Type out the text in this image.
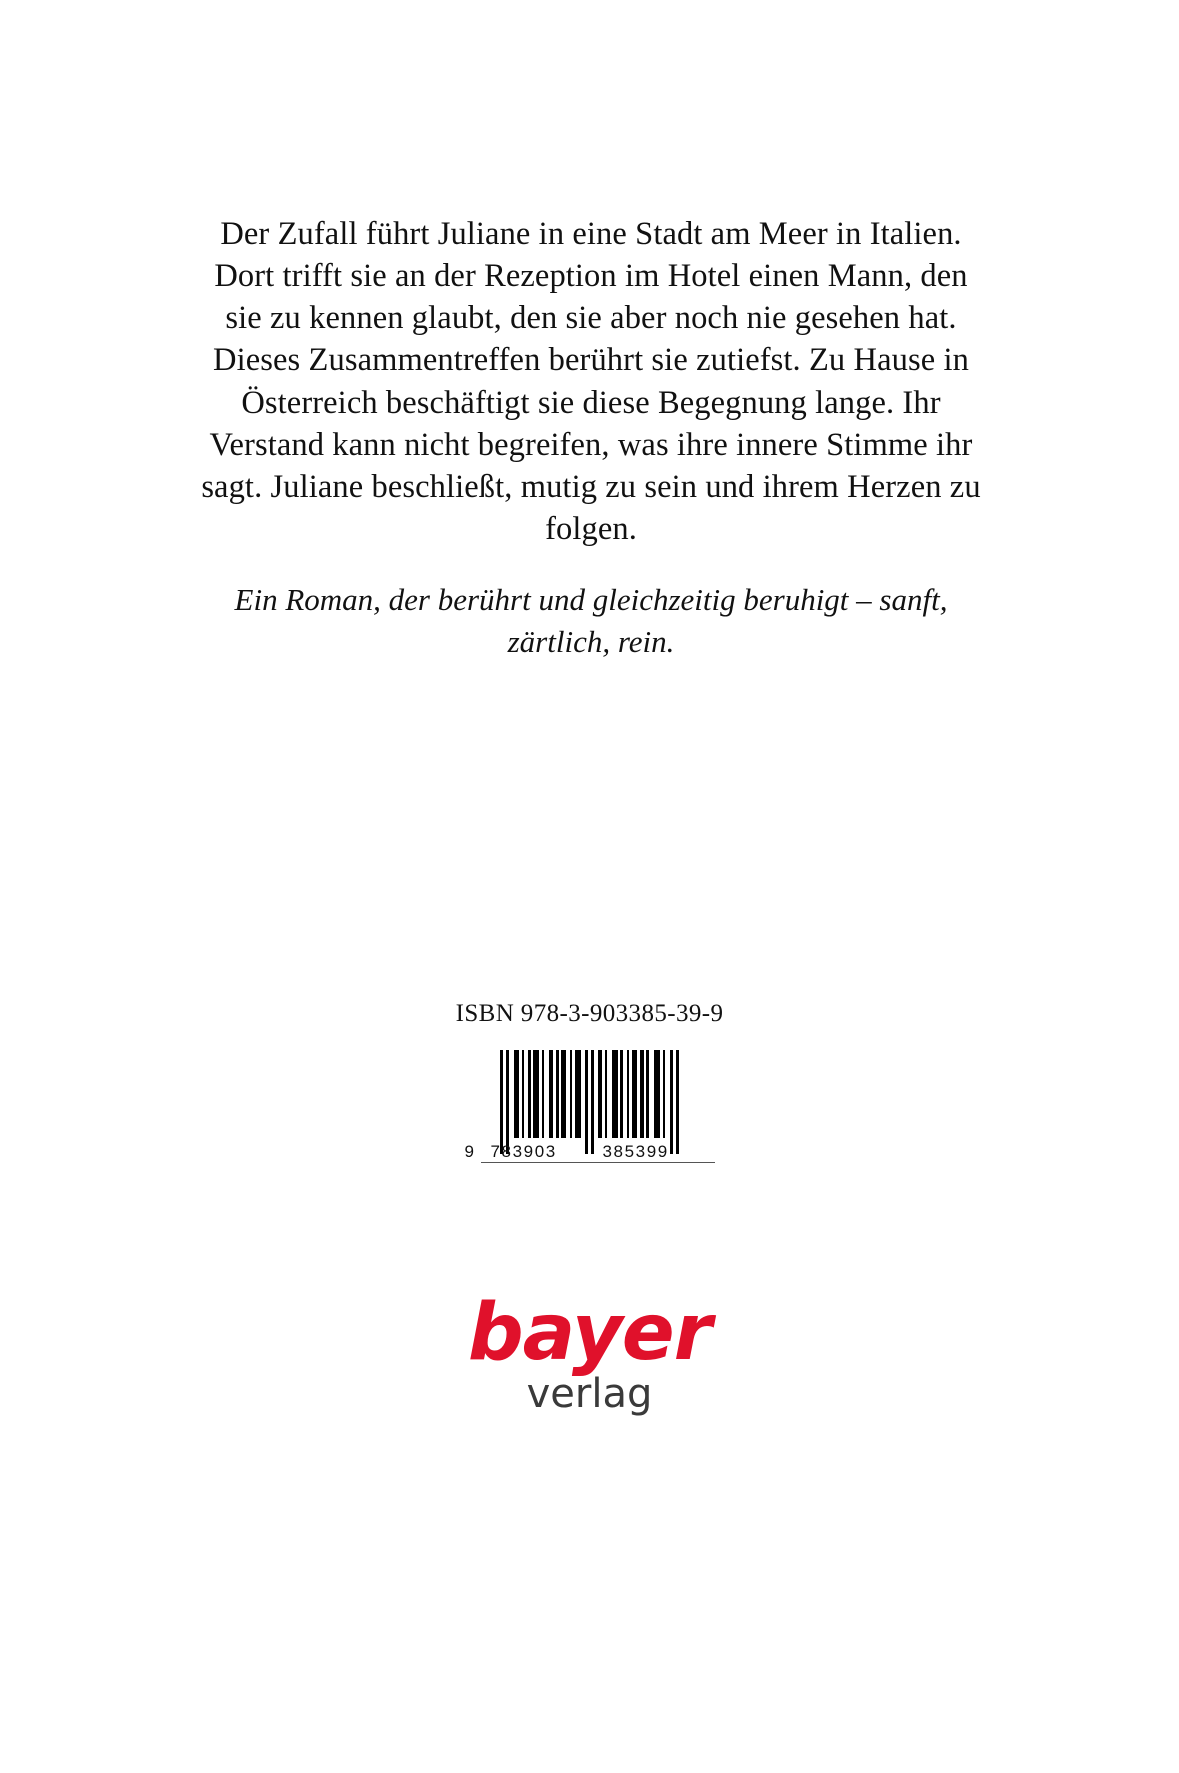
Der Zufall führt Juliane in eine Stadt am Meer in Italien. Dort trifft sie an der Rezeption im Hotel einen Mann, den sie zu kennen glaubt, den sie aber noch nie gesehen hat. Dieses Zusammentreffen berührt sie zutiefst. Zu Hause in Österreich beschäftigt sie diese Begegnung lange. Ihr Verstand kann nicht begreifen, was ihre innere Stimme ihr sagt. Juliane beschließt, mutig zu sein und ihrem Herzen zu folgen.

Ein Roman, der berührt und gleichzeitig beruhigt – sanft, zärtlich, rein.

ISBN 978-3-903385-39-9
9 783903	385399
bayer
verlag
